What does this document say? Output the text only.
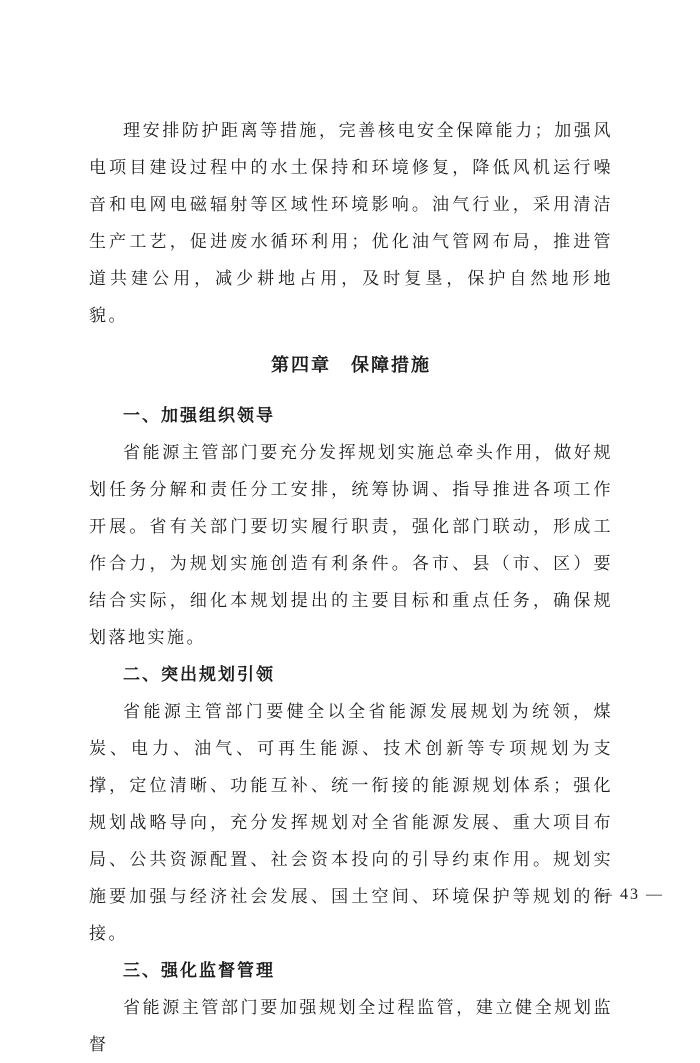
理安排防护距离等措施，完善核电安全保障能力；加强风电项目建设过程中的水土保持和环境修复，降低风机运行噪音和电网电磁辐射等区域性环境影响。油气行业，采用清洁生产工艺，促进废水循环利用；优化油气管网布局，推进管道共建公用，减少耕地占用，及时复垦，保护自然地形地貌。

第四章　保障措施
一、加强组织领导

省能源主管部门要充分发挥规划实施总牵头作用，做好规划任务分解和责任分工安排，统筹协调、指导推进各项工作开展。省有关部门要切实履行职责，强化部门联动，形成工作合力，为规划实施创造有利条件。各市、县（市、区）要结合实际，细化本规划提出的主要目标和重点任务，确保规划落地实施。

二、突出规划引领

省能源主管部门要健全以全省能源发展规划为统领，煤炭、电力、油气、可再生能源、技术创新等专项规划为支撑，定位清晰、功能互补、统一衔接的能源规划体系；强化规划战略导向，充分发挥规划对全省能源发展、重大项目布局、公共资源配置、社会资本投向的引导约束作用。规划实施要加强与经济社会发展、国土空间、环境保护等规划的衔接。

三、强化监督管理

省能源主管部门要加强规划全过程监管，建立健全规划监督

— 43 —
